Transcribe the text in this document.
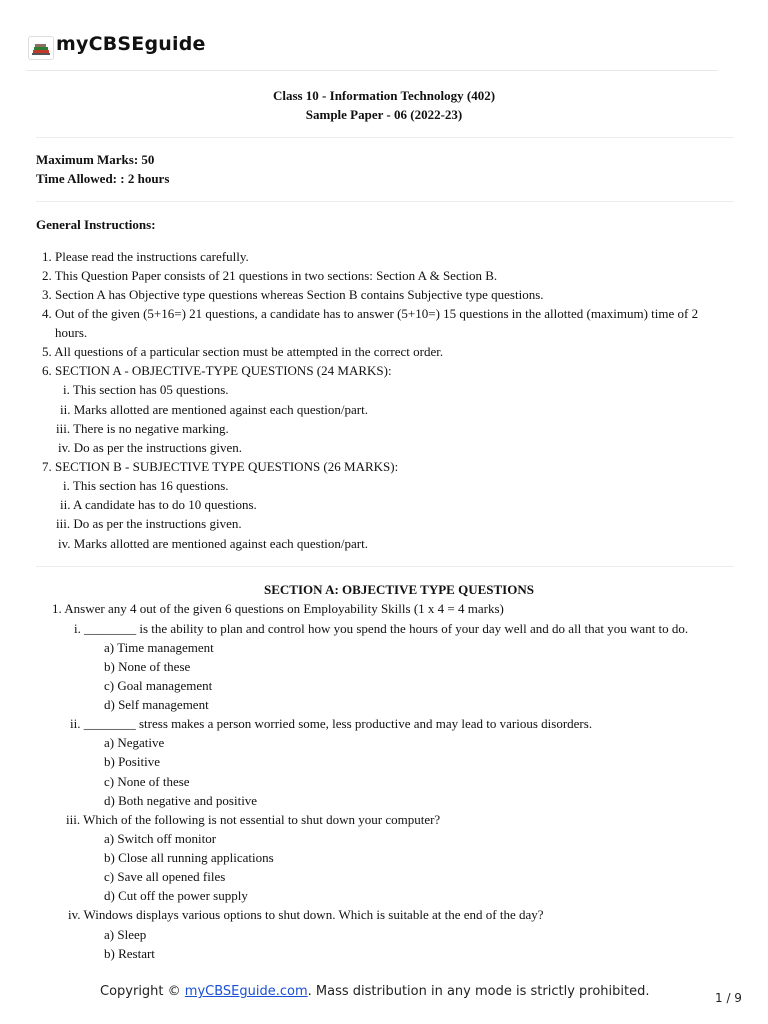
myCBSEguide
Class 10 - Information Technology (402)
Sample Paper - 06 (2022-23)
Maximum Marks: 50
Time Allowed: : 2 hours
General Instructions:
1. Please read the instructions carefully.
2. This Question Paper consists of 21 questions in two sections: Section A & Section B.
3. Section A has Objective type questions whereas Section B contains Subjective type questions.
4. Out of the given (5+16=) 21 questions, a candidate has to answer (5+10=) 15 questions in the allotted (maximum) time of 2
hours.
5. All questions of a particular section must be attempted in the correct order.
6. SECTION A - OBJECTIVE-TYPE QUESTIONS (24 MARKS):
i. This section has 05 questions.
ii. Marks allotted are mentioned against each question/part.
iii. There is no negative marking.
iv. Do as per the instructions given.
7. SECTION B - SUBJECTIVE TYPE QUESTIONS (26 MARKS):
i. This section has 16 questions.
ii. A candidate has to do 10 questions.
iii. Do as per the instructions given.
iv. Marks allotted are mentioned against each question/part.
SECTION A: OBJECTIVE TYPE QUESTIONS
1. Answer any 4 out of the given 6 questions on Employability Skills (1 x 4 = 4 marks)
i. ________ is the ability to plan and control how you spend the hours of your day well and do all that you want to do.
a) Time management
b) None of these
c) Goal management
d) Self management
ii. ________ stress makes a person worried some, less productive and may lead to various disorders.
a) Negative
b) Positive
c) None of these
d) Both negative and positive
iii. Which of the following is not essential to shut down your computer?
a) Switch off monitor
b) Close all running applications
c) Save all opened files
d) Cut off the power supply
iv. Windows displays various options to shut down. Which is suitable at the end of the day?
a) Sleep
b) Restart
Copyright © myCBSEguide.com. Mass distribution in any mode is strictly prohibited.	1 / 9
